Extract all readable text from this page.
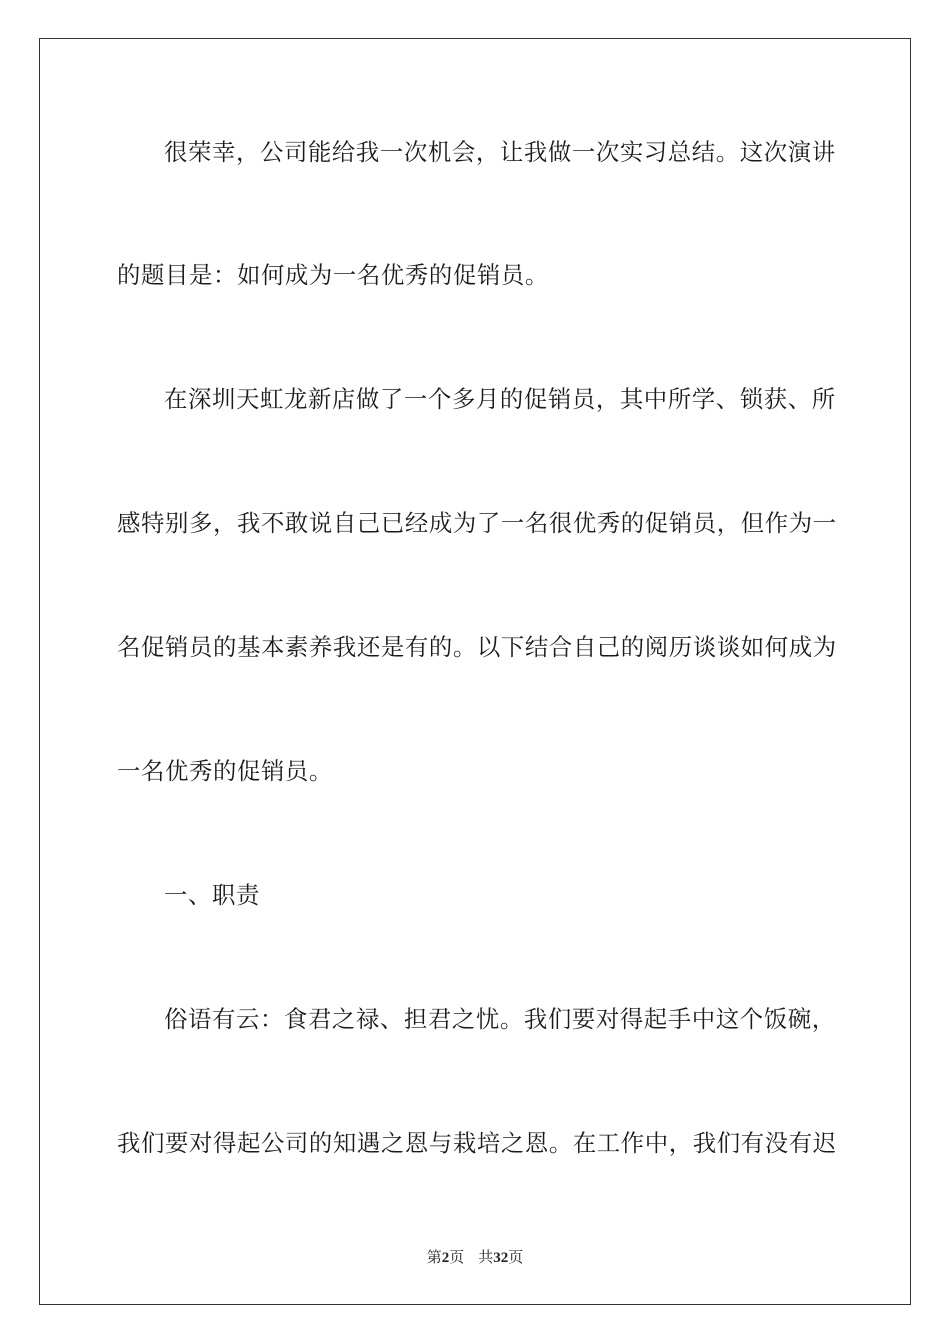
很荣幸，公司能给我一次机会，让我做一次实习总结。这次演讲
的题目是：如何成为一名优秀的促销员。
在深圳天虹龙新店做了一个多月的促销员，其中所学、锁获、所
感特别多，我不敢说自己已经成为了一名很优秀的促销员，但作为一
名促销员的基本素养我还是有的。以下结合自己的阅历谈谈如何成为
一名优秀的促销员。
一、职责
俗语有云：食君之禄、担君之忧。我们要对得起手中这个饭碗，
我们要对得起公司的知遇之恩与栽培之恩。在工作中，我们有没有迟
第2页 共32页
